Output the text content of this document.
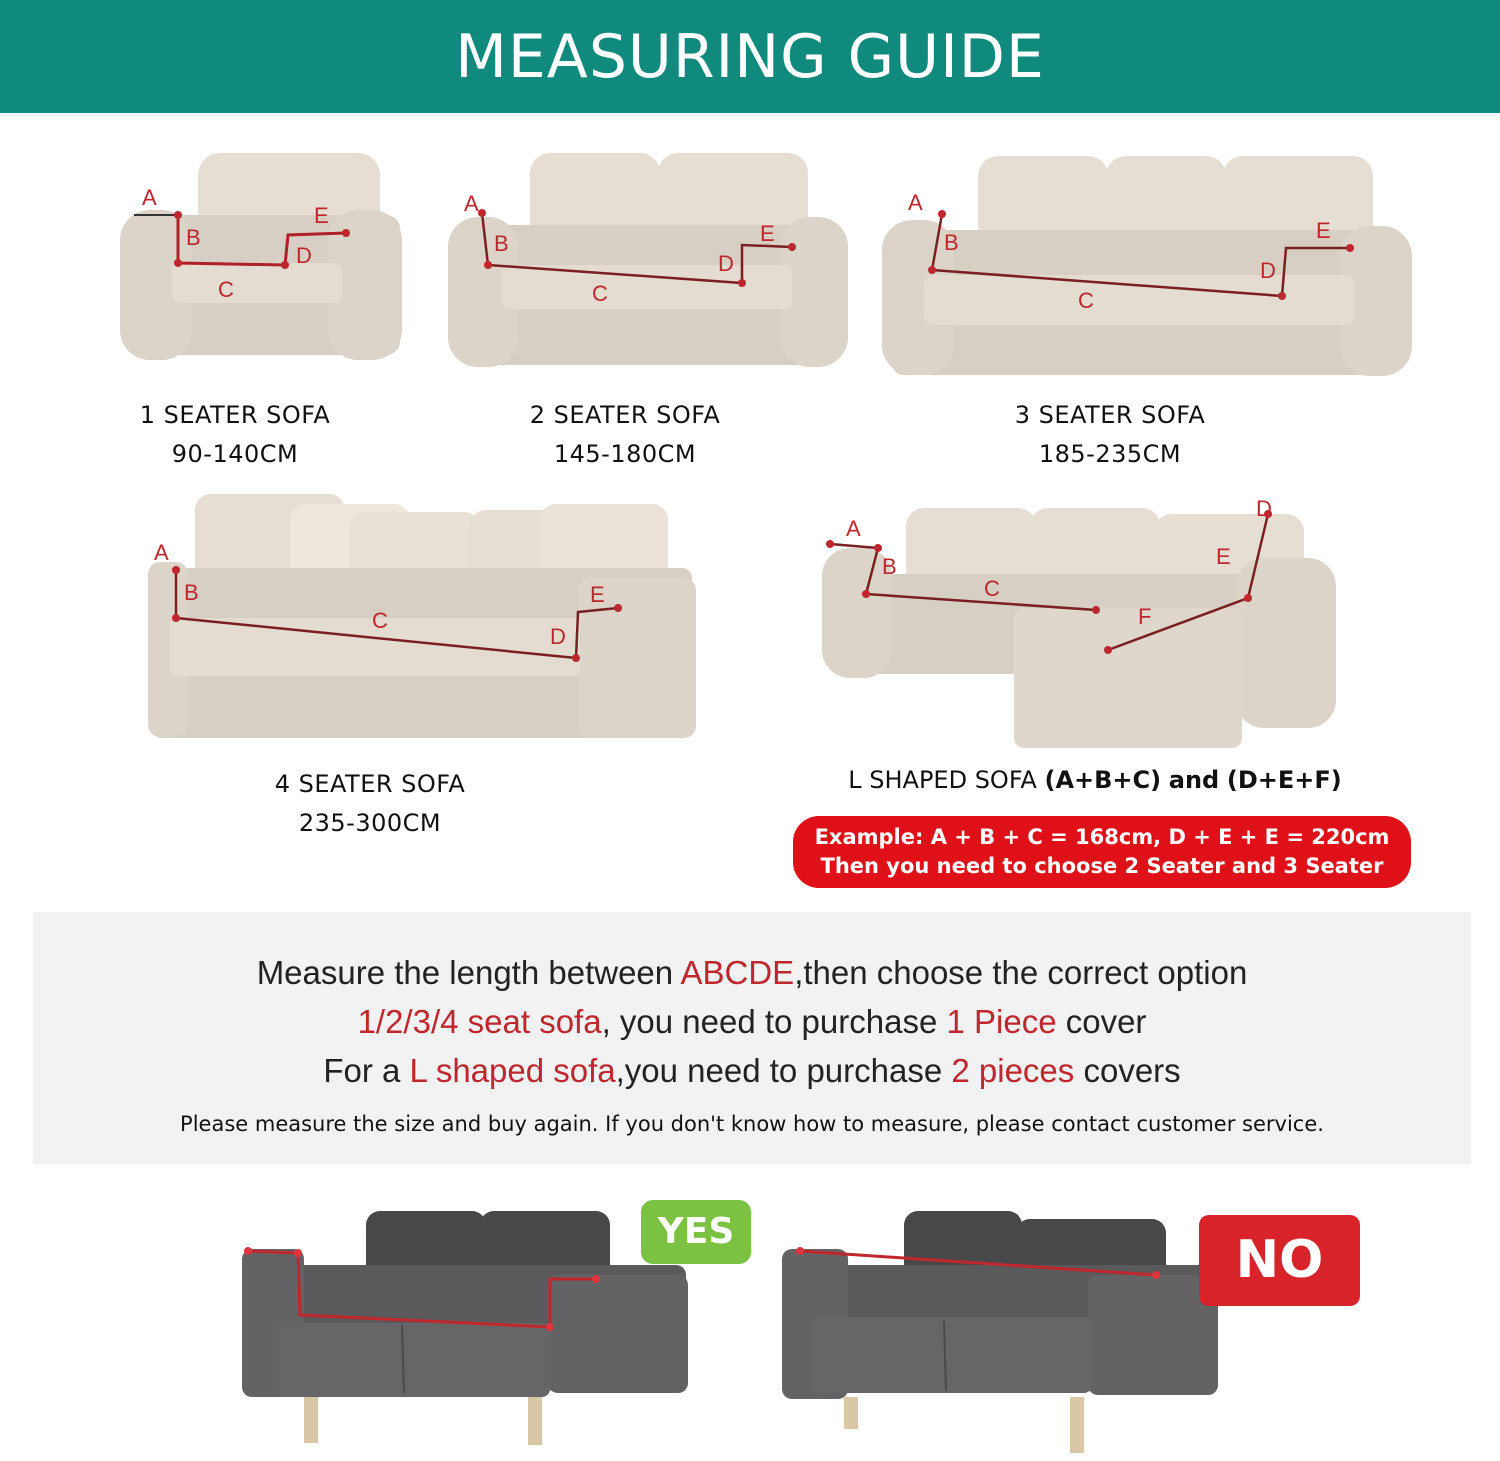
MEASURING GUIDE
A
B
C
D
E
1 SEATER SOFA
90-140CM
A
B
C
D
E
2 SEATER SOFA
145-180CM
A
B
C
D
E
3 SEATER SOFA
185-235CM
A
B
C
D
E
4 SEATER SOFA
235-300CM
A
B
C
D
E
F
L SHAPED SOFA (A+B+C) and (D+E+F)
Example: A + B + C = 168cm, D + E + E = 220cm
Then you need to choose 2 Seater and 3 Seater
Measure the length between ABCDE,then choose the correct option
1/2/3/4 seat sofa, you need to purchase 1 Piece cover
For a L shaped sofa,you need to purchase 2 pieces covers
Please measure the size and buy again. If you don't know how to measure, please contact customer service.
YES	NO
